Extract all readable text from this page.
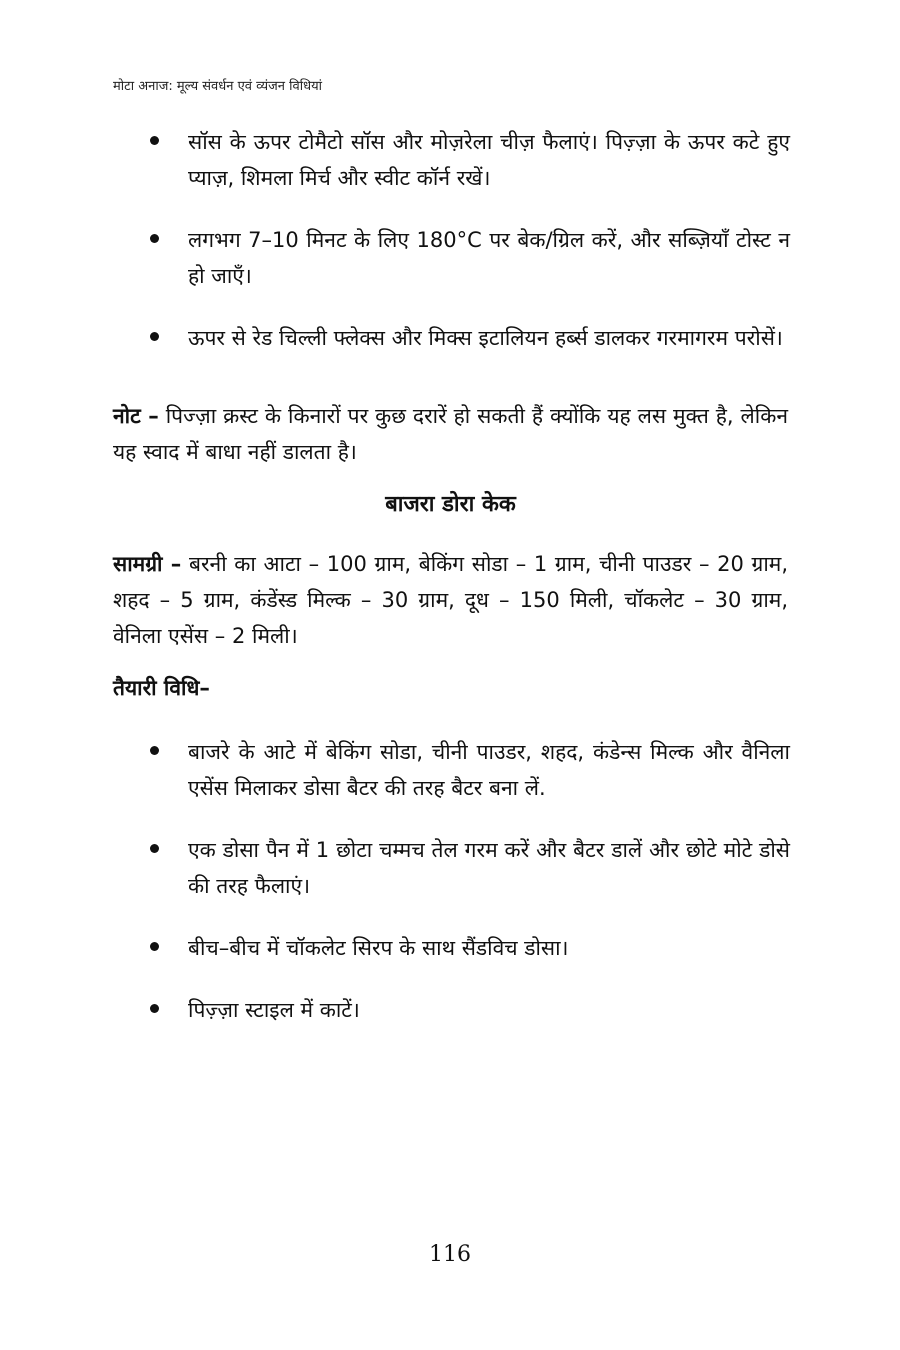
मोटा अनाज: मूल्य संवर्धन एवं व्यंजन विधियां
सॉस के ऊपर टोमैटो सॉस और मोज़रेला चीज़ फैलाएं। पिज़्ज़ा के ऊपर कटे हुए प्याज़, शिमला मिर्च और स्वीट कॉर्न रखें।
लगभग 7–10 मिनट के लिए 180°C पर बेक/ग्रिल करें, और सब्ज़ियाँ टोस्ट न हो जाएँ।
ऊपर से रेड चिल्ली फ्लेक्स और मिक्स इटालियन हर्ब्स डालकर गरमागरम परोसें।

नोट – पिज्ज़ा क्रस्ट के किनारों पर कुछ दरारें हो सकती हैं क्योंकि यह लस मुक्त है, लेकिन यह स्वाद में बाधा नहीं डालता है।

बाजरा डोरा केक

सामग्री – बरनी का आटा – 100 ग्राम, बेकिंग सोडा – 1 ग्राम, चीनी पाउडर – 20 ग्राम, शहद – 5 ग्राम, कंडेंस्ड मिल्क – 30 ग्राम, दूध – 150 मिली, चॉकलेट – 30 ग्राम, वेनिला एसेंस – 2 मिली।

तैयारी विधि–
बाजरे के आटे में बेकिंग सोडा, चीनी पाउडर, शहद, कंडेन्स मिल्क और वैनिला एसेंस मिलाकर डोसा बैटर की तरह बैटर बना लें.
एक डोसा पैन में 1 छोटा चम्मच तेल गरम करें और बैटर डालें और छोटे मोटे डोसे की तरह फैलाएं।
बीच–बीच में चॉकलेट सिरप के साथ सैंडविच डोसा।
पिज़्ज़ा स्टाइल में काटें।
116
